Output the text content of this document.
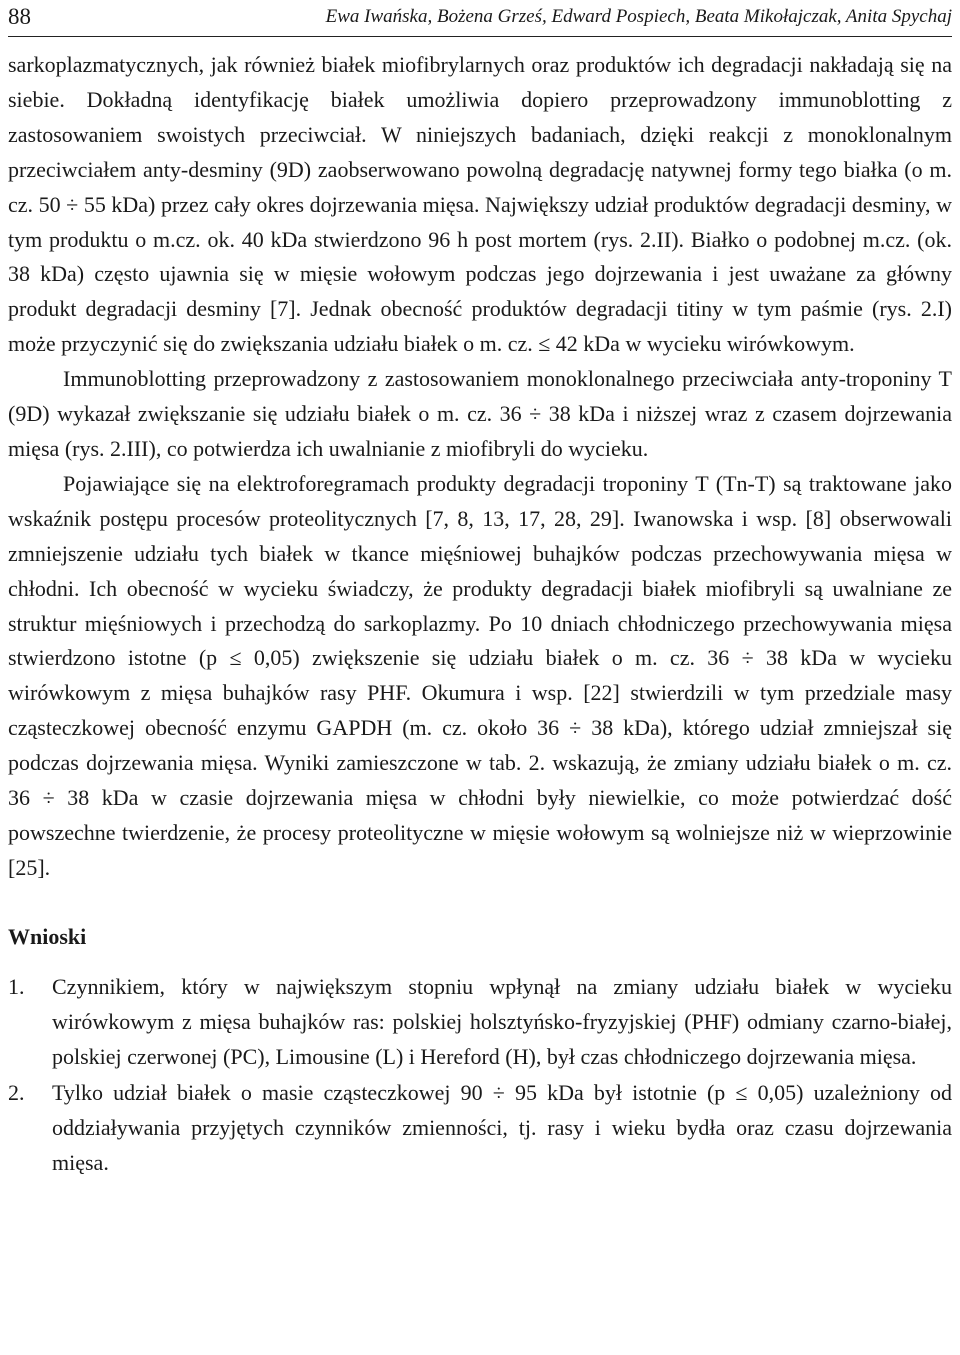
88	Ewa Iwańska, Bożena Grześ, Edward Pospiech, Beata Mikołajczak, Anita Spychaj

sarkoplazmatycznych, jak również białek miofibrylarnych oraz produktów ich degradacji nakładają się na siebie. Dokładną identyfikację białek umożliwia dopiero przeprowadzony immunoblotting z zastosowaniem swoistych przeciwciał. W niniejszych badaniach, dzięki reakcji z monoklonalnym przeciwciałem anty-desminy (9D) zaobserwowano powolną degradację natywnej formy tego białka (o m. cz. 50 ÷ 55 kDa) przez cały okres dojrzewania mięsa. Największy udział produktów degradacji desminy, w tym produktu o m.cz. ok. 40 kDa stwierdzono 96 h post mortem (rys. 2.II). Białko o podobnej m.cz. (ok. 38 kDa) często ujawnia się w mięsie wołowym podczas jego dojrzewania i jest uważane za główny produkt degradacji desminy [7]. Jednak obecność produktów degradacji titiny w tym paśmie (rys. 2.I) może przyczynić się do zwiększania udziału białek o m. cz. ≤ 42 kDa w wycieku wirówkowym.

Immunoblotting przeprowadzony z zastosowaniem monoklonalnego przeciwciała anty-troponiny T (9D) wykazał zwiększanie się udziału białek o m. cz. 36 ÷ 38 kDa i niższej wraz z czasem dojrzewania mięsa (rys. 2.III), co potwierdza ich uwalnianie z miofibryli do wycieku.

Pojawiające się na elektroforegramach produkty degradacji troponiny T (Tn-T) są traktowane jako wskaźnik postępu procesów proteolitycznych [7, 8, 13, 17, 28, 29]. Iwanowska i wsp. [8] obserwowali zmniejszenie udziału tych białek w tkance mięśniowej buhajków podczas przechowywania mięsa w chłodni. Ich obecność w wycieku świadczy, że produkty degradacji białek miofibryli są uwalniane ze struktur mięśniowych i przechodzą do sarkoplazmy. Po 10 dniach chłodniczego przechowywania mięsa stwierdzono istotne (p ≤ 0,05) zwiększenie się udziału białek o m. cz. 36 ÷ 38 kDa w wycieku wirówkowym z mięsa buhajków rasy PHF. Okumura i wsp. [22] stwierdzili w tym przedziale masy cząsteczkowej obecność enzymu GAPDH (m. cz. około 36 ÷ 38 kDa), którego udział zmniejszał się podczas dojrzewania mięsa. Wyniki zamieszczone w tab. 2. wskazują, że zmiany udziału białek o m. cz. 36 ÷ 38 kDa w czasie dojrzewania mięsa w chłodni były niewielkie, co może potwierdzać dość powszechne twierdzenie, że procesy proteolityczne w mięsie wołowym są wolniejsze niż w wieprzowinie [25].

Wnioski
1. Czynnikiem, który w największym stopniu wpłynął na zmiany udziału białek w wycieku wirówkowym z mięsa buhajków ras: polskiej holsztyńsko-fryzyjskiej (PHF) odmiany czarno-białej, polskiej czerwonej (PC), Limousine (L) i Hereford (H), był czas chłodniczego dojrzewania mięsa.
2. Tylko udział białek o masie cząsteczkowej 90 ÷ 95 kDa był istotnie (p ≤ 0,05) uzależniony od oddziaływania przyjętych czynników zmienności, tj. rasy i wieku bydła oraz czasu dojrzewania mięsa.
